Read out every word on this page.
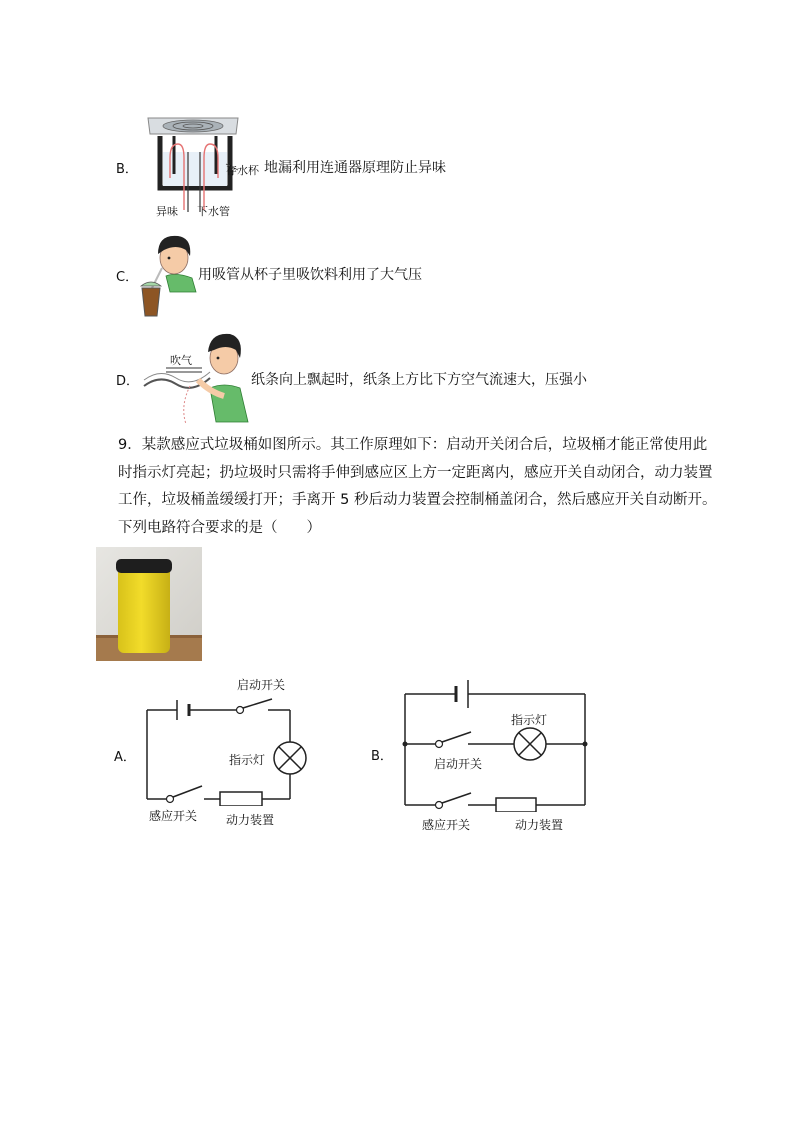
B．	存水杯
异味 下水管
地漏利用连通器原理防止异味
C．	用吸管从杯子里吸饮料利用了大气压
D．
吹气
纸条向上飘起时，纸条上方比下方空气流速大，压强小
9．某款感应式垃圾桶如图所示。其工作原理如下：启动开关闭合后，垃圾桶才能正常使用此时指示灯亮起；扔垃圾时只需将手伸到感应区上方一定距离内，感应开关自动闭合，动力装置工作，垃圾桶盖缓缓打开；手离开 5 秒后动力装置会控制桶盖闭合，然后感应开关自动断开。下列电路符合要求的是（　　）
A．
启动开关
指示灯
感应开关 动力装置
B．
指示灯
启动开关
感应开关	动力装置
